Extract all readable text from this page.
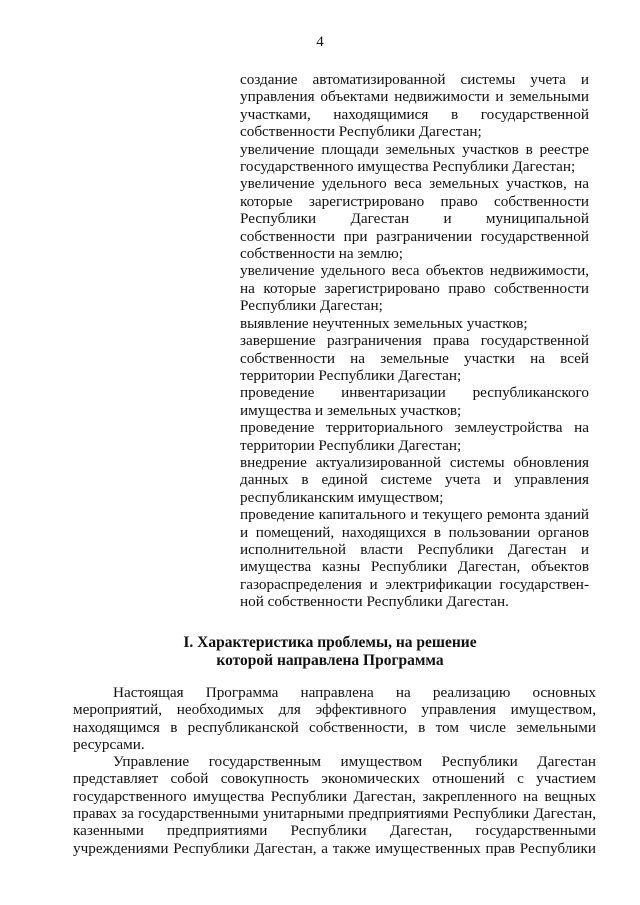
4
создание автоматизированной системы учета и управления объектами недвижимости и земельными участками, находящимися в государственной собственности Республики Дагестан;
увеличение площади земельных участков в реестре государственного имущества Республики Дагестан;
увеличение удельного веса земельных участков, на которые зарегистрировано право собственности Республики Дагестан и муниципальной собственности при разграничении государственной собственности на землю;
увеличение удельного веса объектов недвижимости, на которые зарегистрировано право собственности Республики Дагестан;
выявление неучтенных земельных участков;
завершение разграничения права государственной собственности на земельные участки на всей территории Республики Дагестан;
проведение инвентаризации республиканского имущества и земельных участков;
проведение территориального землеустройства на территории Республики Дагестан;
внедрение актуализированной системы обновления данных в единой системе учета и управления республиканским имуществом;
проведение капитального и текущего ремонта зданий и помещений, находящихся в пользовании органов исполнительной власти Республики Дагестан и имущества казны Республики Дагестан, объектов газораспределения и электрификации государственной собственности Республики Дагестан.
I. Характеристика проблемы, на решение
которой направлена Программа

Настоящая Программа направлена на реализацию основных мероприятий, необходимых для эффективного управления имуществом, находящимся в республиканской собственности, в том числе земельными ресурсами.

Управление государственным имуществом Республики Дагестан представляет собой совокупность экономических отношений с участием государственного имущества Республики Дагестан, закрепленного на вещных правах за государственными унитарными предприятиями Республики Дагестан, казенными предприятиями Республики Дагестан, государственными учреждениями Республики Дагестан, а также имущественных прав Республики
